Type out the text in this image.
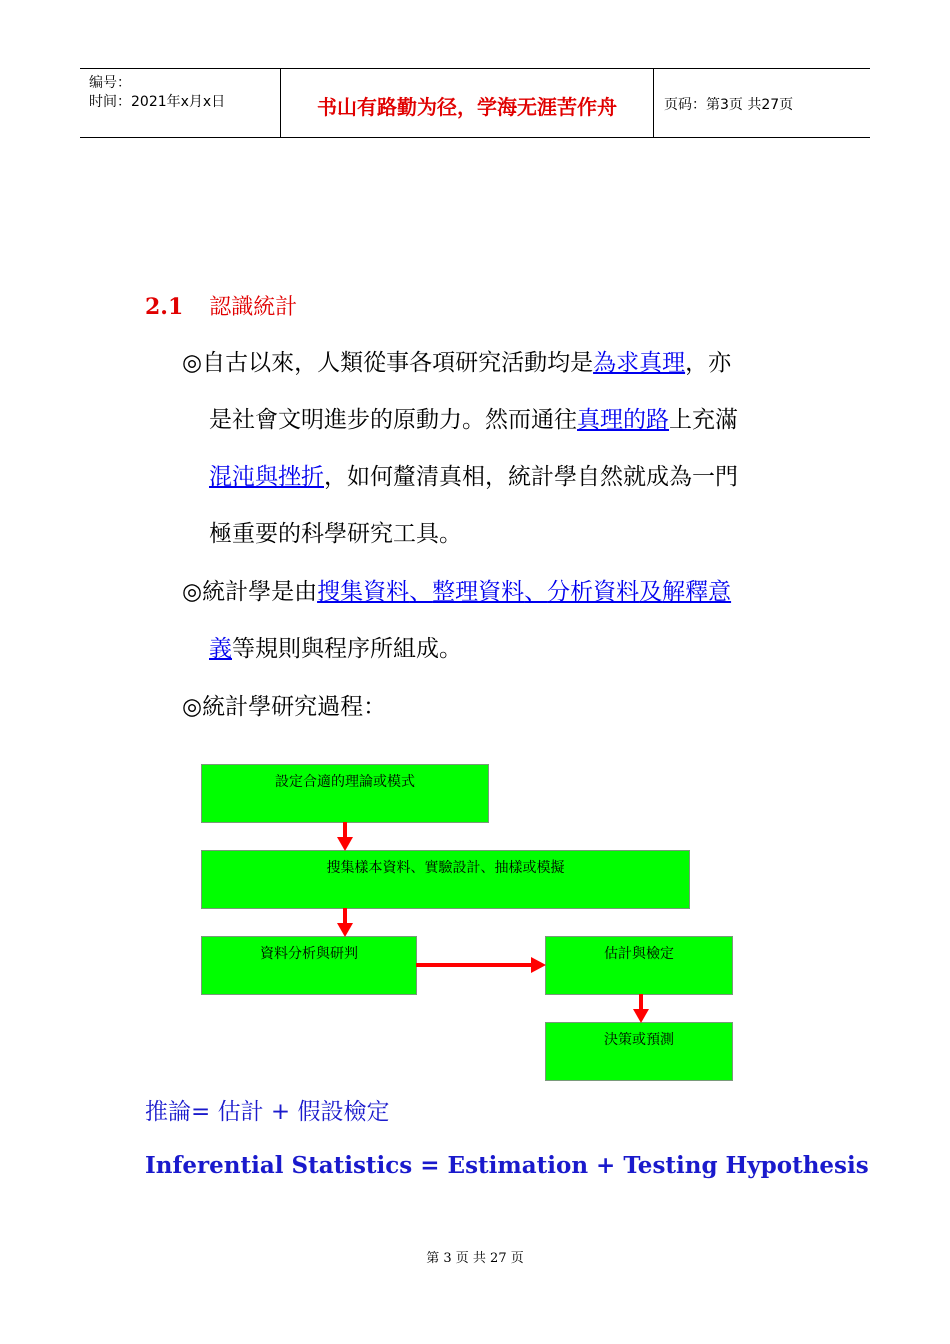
编号：
时间：2021年x月x日	书山有路勤为径，学海无涯苦作舟	页码：第3页 共27页
2.1 認識統計
◎自古以來，人類從事各項研究活動均是為求真理，亦
是社會文明進步的原動力。然而通往真理的路上充滿
混沌與挫折，如何釐清真相，統計學自然就成為一門
極重要的科學研究工具。
◎統計學是由搜集資料、整理資料、分析資料及解釋意
義等規則與程序所組成。
◎統計學研究過程：
設定合適的理論或模式
搜集樣本資料、實驗設計、抽樣或模擬
資料分析與研判	估計與檢定
決策或預測
推論= 估計 + 假設檢定
Inferential Statistics = Estimation + Testing Hypothesis
第 3 页 共 27 页
